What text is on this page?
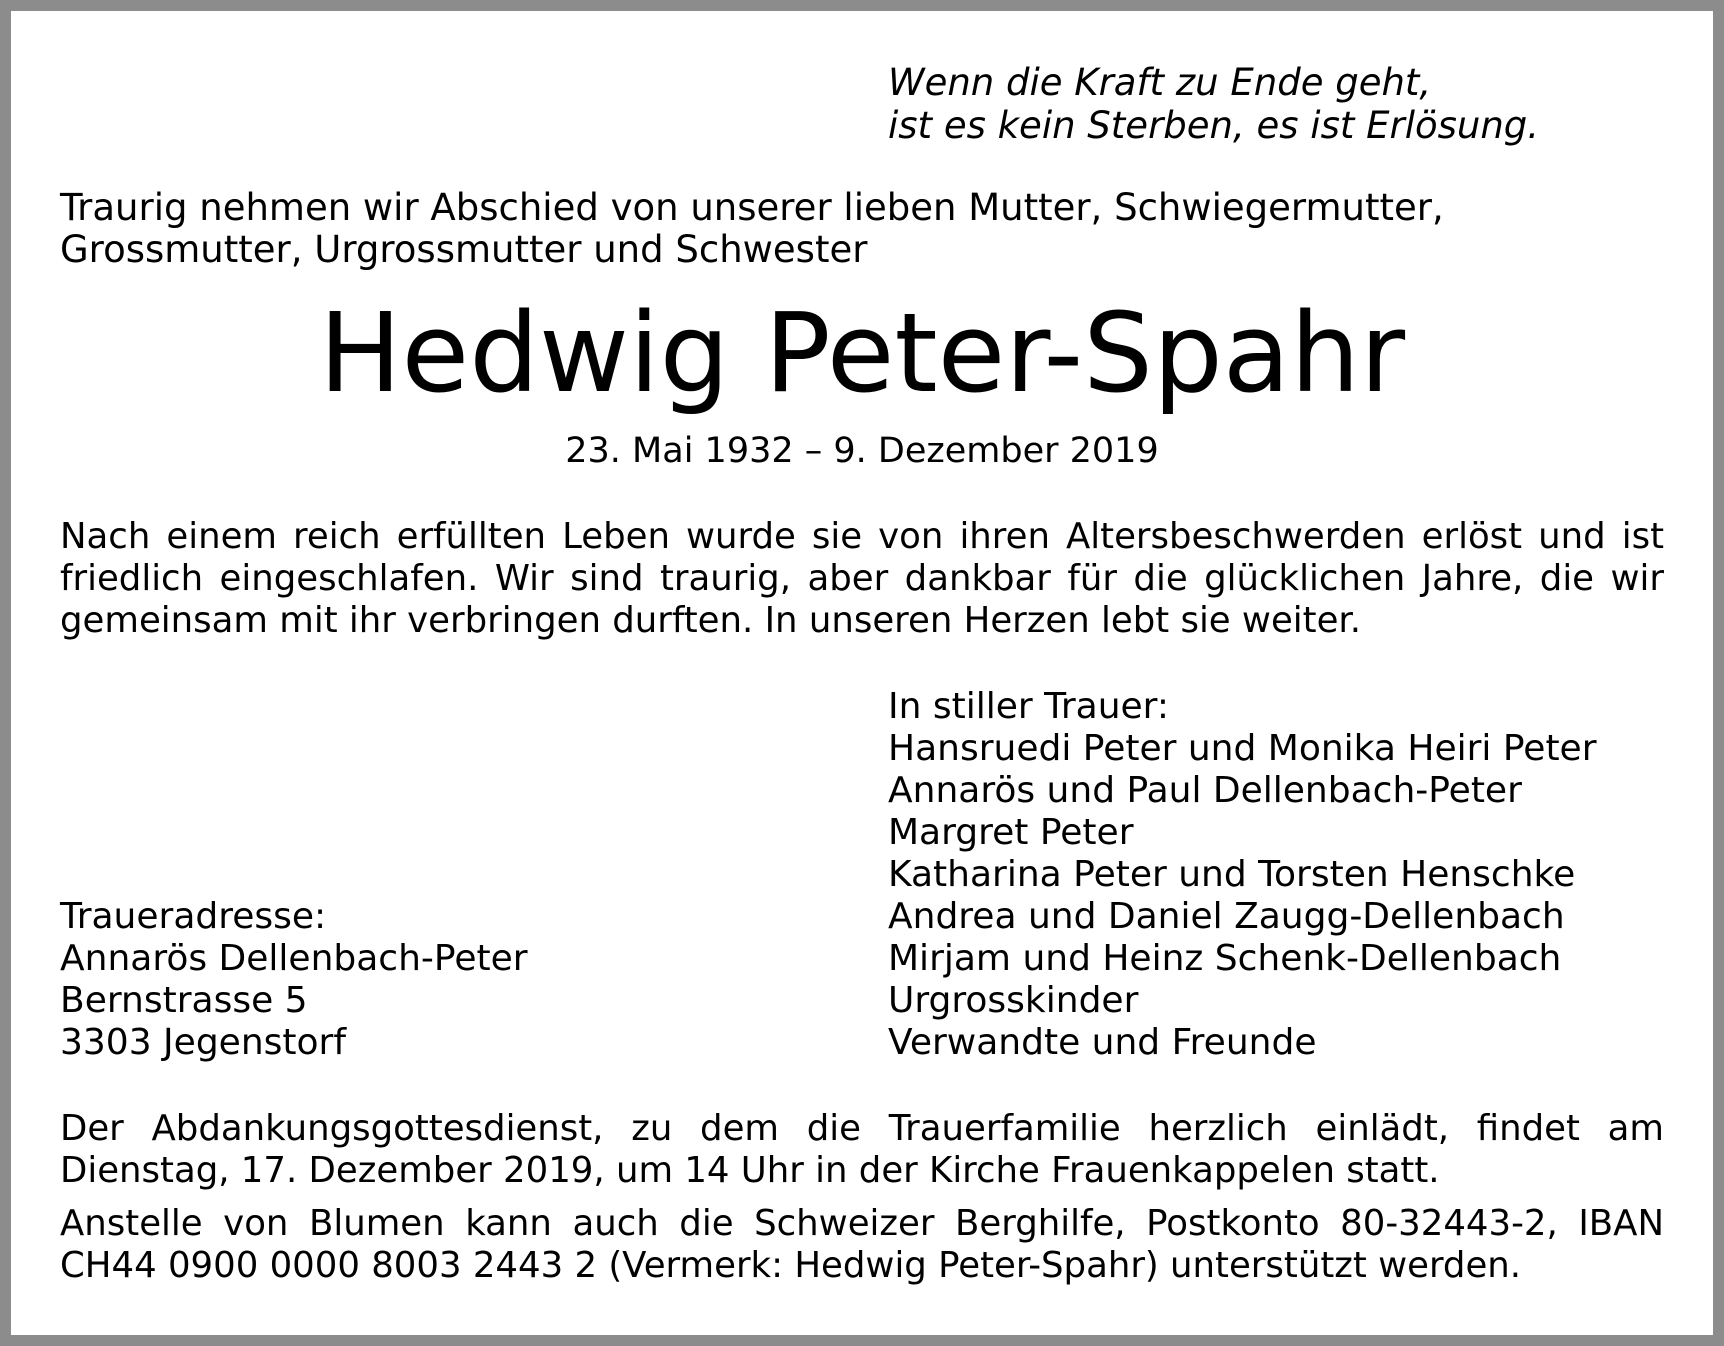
Wenn die Kraft zu Ende geht,
ist es kein Sterben, es ist Erlösung.
Traurig nehmen wir Abschied von unserer lieben Mutter, Schwiegermutter, Grossmutter, Urgrossmutter und Schwester
Hedwig Peter-Spahr
23. Mai 1932 – 9. Dezember 2019
Nach einem reich erfüllten Leben wurde sie von ihren Altersbeschwerden erlöst und ist friedlich eingeschlafen. Wir sind traurig, aber dankbar für die glücklichen Jahre, die wir gemeinsam mit ihr verbringen durften. In unseren Herzen lebt sie weiter.
In stiller Trauer:
Hansruedi Peter und Monika Heiri Peter
Annarös und Paul Dellenbach-Peter
Margret Peter
Katharina Peter und Torsten Henschke
Andrea und Daniel Zaugg-Dellenbach
Mirjam und Heinz Schenk-Dellenbach
Urgrosskinder
Verwandte und Freunde
Traueradresse:
Annarös Dellenbach-Peter
Bernstrasse 5
3303 Jegenstorf
Der Abdankungsgottesdienst, zu dem die Trauerfamilie herzlich einlädt, findet am Dienstag, 17. Dezember 2019, um 14 Uhr in der Kirche Frauenkappelen statt.
Anstelle von Blumen kann auch die Schweizer Berghilfe, Postkonto 80-32443-2, IBAN CH44 0900 0000 8003 2443 2 (Vermerk: Hedwig Peter-Spahr) unterstützt werden.
